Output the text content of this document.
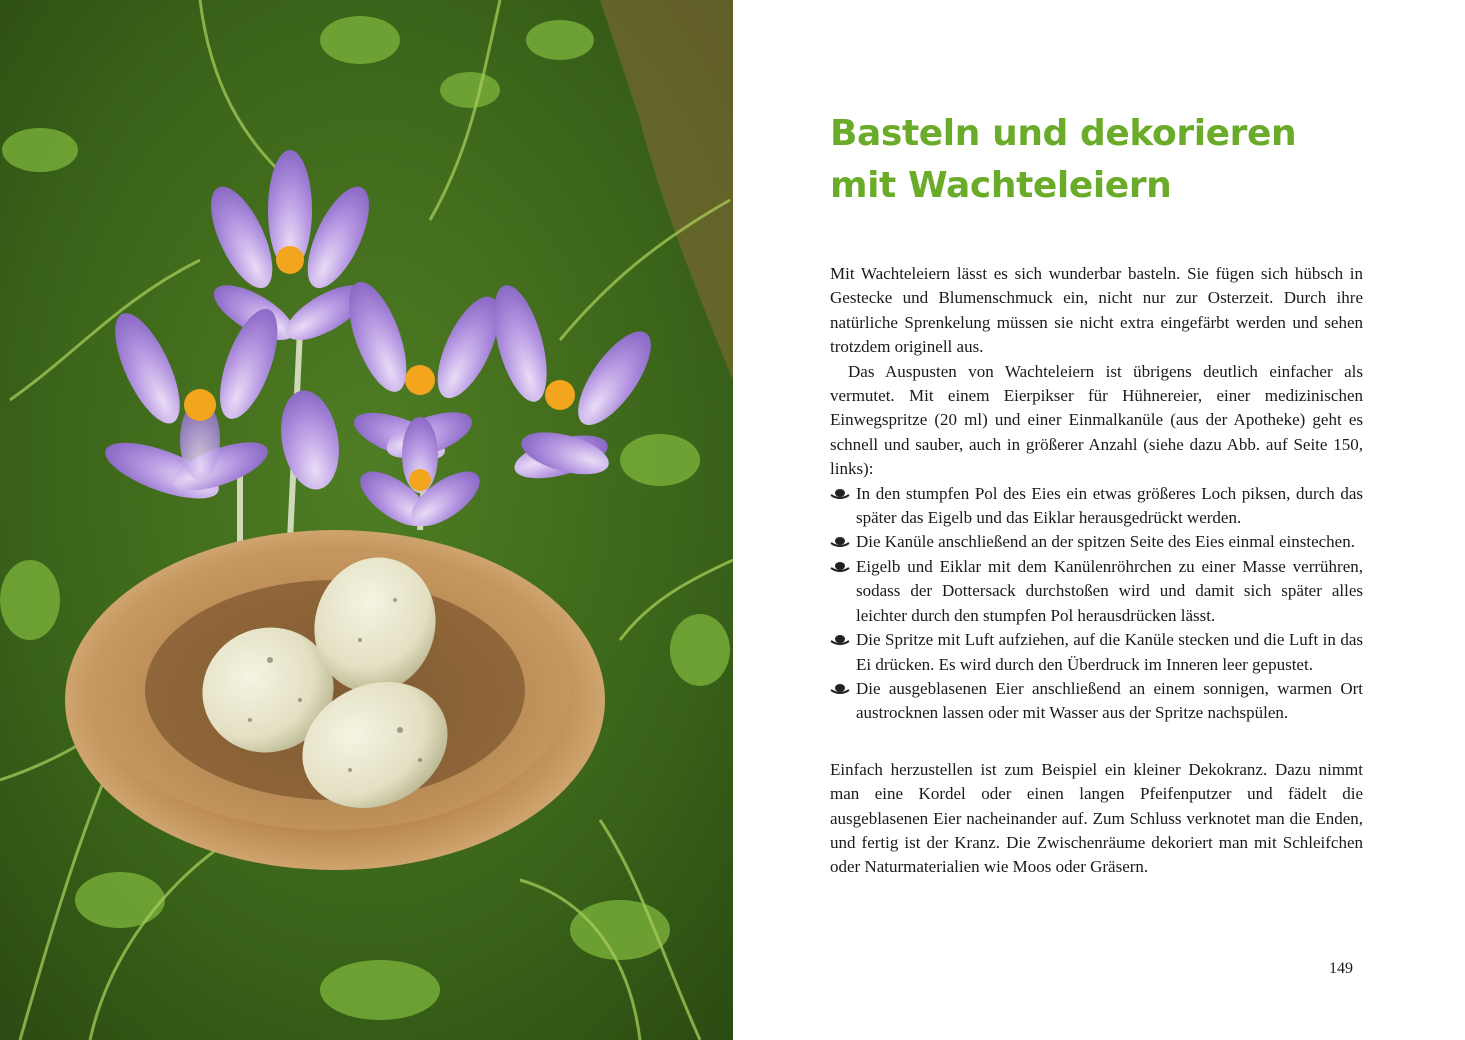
Basteln und dekorieren
mit Wachteleiern

Mit Wachteleiern lässt es sich wunderbar basteln. Sie fügen sich hübsch in Gestecke und Blumenschmuck ein, nicht nur zur Osterzeit. Durch ihre natürliche Sprenkelung müssen sie nicht extra eingefärbt werden und sehen trotzdem originell aus.

Das Auspusten von Wachteleiern ist übrigens deutlich einfacher als vermutet. Mit einem Eierpikser für Hühnereier, einer medizinischen Einwegspritze (20 ml) und einer Einmalkanüle (aus der Apotheke) geht es schnell und sauber, auch in größerer Anzahl (siehe dazu Abb. auf Seite 150, links):

In den stumpfen Pol des Eies ein etwas größeres Loch piksen, durch das später das Eigelb und das Eiklar herausgedrückt werden.
Die Kanüle anschließend an der spitzen Seite des Eies einmal einstechen.
Eigelb und Eiklar mit dem Kanülenröhrchen zu einer Masse verrühren, sodass der Dottersack durchstoßen wird und damit sich später alles leichter durch den stumpfen Pol herausdrücken lässt.
Die Spritze mit Luft aufziehen, auf die Kanüle stecken und die Luft in das Ei drücken. Es wird durch den Überdruck im Inneren leer gepustet.
Die ausgeblasenen Eier anschließend an einem sonnigen, warmen Ort austrocknen lassen oder mit Wasser aus der Spritze nachspülen.

Einfach herzustellen ist zum Beispiel ein kleiner Dekokranz. Dazu nimmt man eine Kordel oder einen langen Pfeifenputzer und fädelt die ausgeblasenen Eier nacheinander auf. Zum Schluss verknotet man die Enden, und fertig ist der Kranz. Die Zwischenräume dekoriert man mit Schleifchen oder Naturmaterialien wie Moos oder Gräsern.

149
